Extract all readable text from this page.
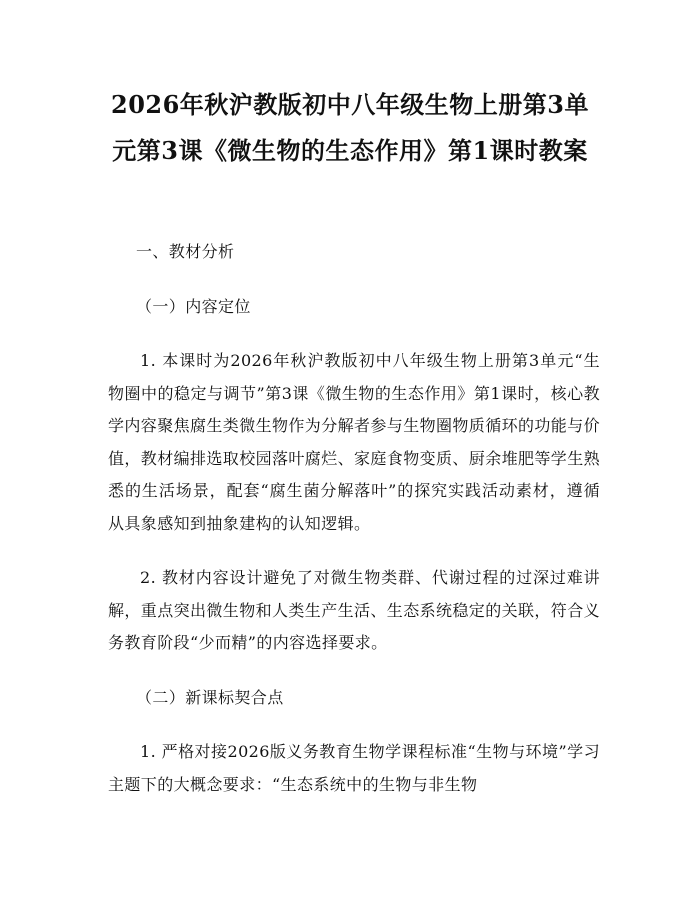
2026年秋沪教版初中八年级生物上册第3单元第3课《微生物的生态作用》第1课时教案

一、教材分析

（一）内容定位

1. 本课时为2026年秋沪教版初中八年级生物上册第3单元“生物圈中的稳定与调节”第3课《微生物的生态作用》第1课时，核心教学内容聚焦腐生类微生物作为分解者参与生物圈物质循环的功能与价值，教材编排选取校园落叶腐烂、家庭食物变质、厨余堆肥等学生熟悉的生活场景，配套“腐生菌分解落叶”的探究实践活动素材，遵循从具象感知到抽象建构的认知逻辑。

2. 教材内容设计避免了对微生物类群、代谢过程的过深过难讲解，重点突出微生物和人类生产生活、生态系统稳定的关联，符合义务教育阶段“少而精”的内容选择要求。

（二）新课标契合点

1. 严格对接2026版义务教育生物学课程标准“生物与环境”学习主题下的大概念要求：“生态系统中的生物与非生物
